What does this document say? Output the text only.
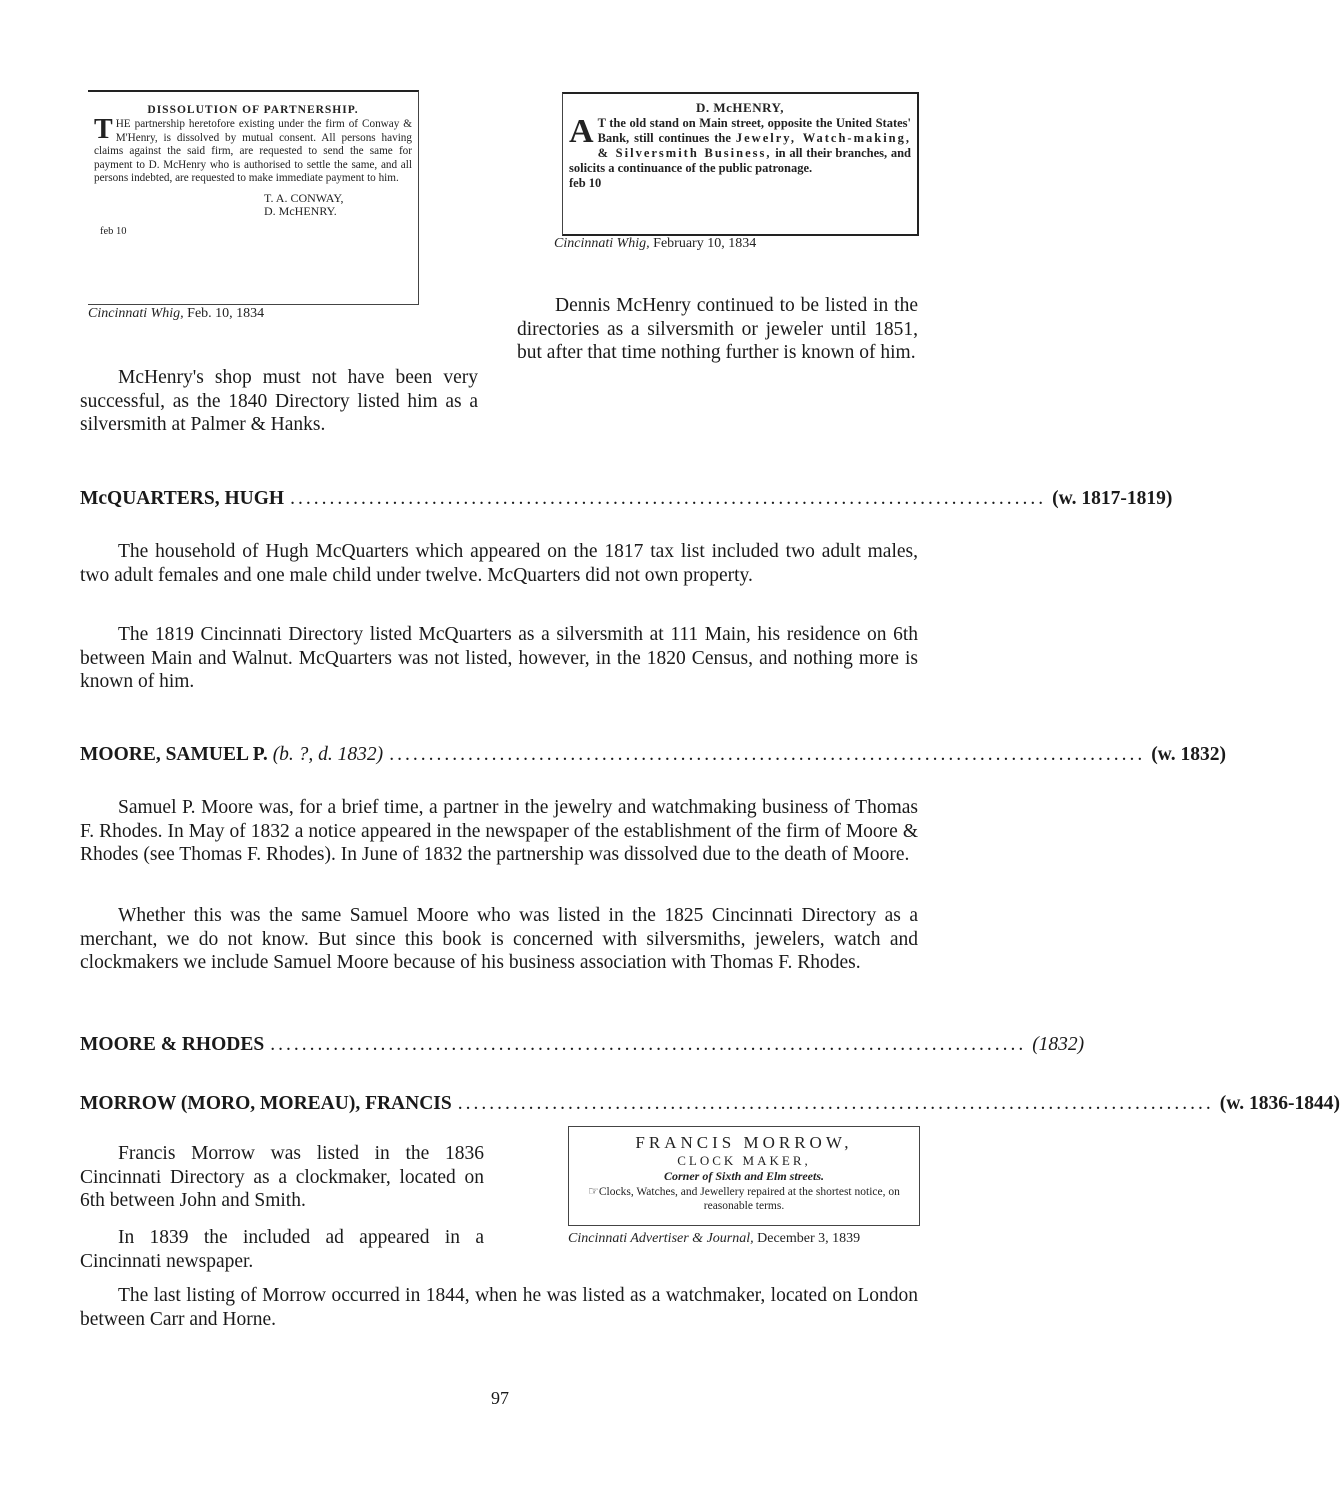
DISSOLUTION OF PARTNERSHIP.
THE partnership heretofore existing under the firm of Conway & M'Henry, is dissolved by mutual consent. All persons having claims against the said firm, are requested to send the same for payment to D. McHenry who is authorised to settle the same, and all persons indebted, are requested to make immediate payment to him.
T. A. CONWAY,
D. McHENRY.
feb 10
Cincinnati Whig, Feb. 10, 1834
D. McHENRY,
A T the old stand on Main street, opposite the United States' Bank, still continues the Jewelry, Watch-making, & Silversmith Business, in all their branches, and solicits a continuance of the public patronage.
feb 10
Cincinnati Whig, February 10, 1834

McHenry's shop must not have been very successful, as the 1840 Directory listed him as a silversmith at Palmer & Hanks.

Dennis McHenry continued to be listed in the directories as a silversmith or jeweler until 1851, but after that time nothing further is known of him.

McQUARTERS, HUGH ................................................................................................ (w. 1817-1819)

The household of Hugh McQuarters which appeared on the 1817 tax list included two adult males, two adult females and one male child under twelve. McQuarters did not own property.

The 1819 Cincinnati Directory listed McQuarters as a silversmith at 111 Main, his residence on 6th between Main and Walnut. McQuarters was not listed, however, in the 1820 Census, and nothing more is known of him.

MOORE, SAMUEL P.
(b. ?, d. 1832) ................................................................................................ (w. 1832)

Samuel P. Moore was, for a brief time, a partner in the jewelry and watchmaking business of Thomas F. Rhodes. In May of 1832 a notice appeared in the newspaper of the establishment of the firm of Moore & Rhodes (see Thomas F. Rhodes). In June of 1832 the partnership was dissolved due to the death of Moore.

Whether this was the same Samuel Moore who was listed in the 1825 Cincinnati Directory as a merchant, we do not know. But since this book is concerned with silversmiths, jewelers, watch and clockmakers we include Samuel Moore because of his business association with Thomas F. Rhodes.

MOORE & RHODES ................................................................................................ (1832)
MORROW (MORO, MOREAU), FRANCIS ................................................................................................ (w. 1836-1844)

Francis Morrow was listed in the 1836 Cincinnati Directory as a clockmaker, located on 6th between John and Smith.

In 1839 the included ad appeared in a Cincinnati newspaper.

FRANCIS MORROW,
CLOCK MAKER,
Corner of Sixth and Elm streets.
☞Clocks, Watches, and Jewellery repaired at the shortest notice, on reasonable terms.
Cincinnati Advertiser & Journal, December 3, 1839

The last listing of Morrow occurred in 1844, when he was listed as a watchmaker, located on London between Carr and Horne.

97
